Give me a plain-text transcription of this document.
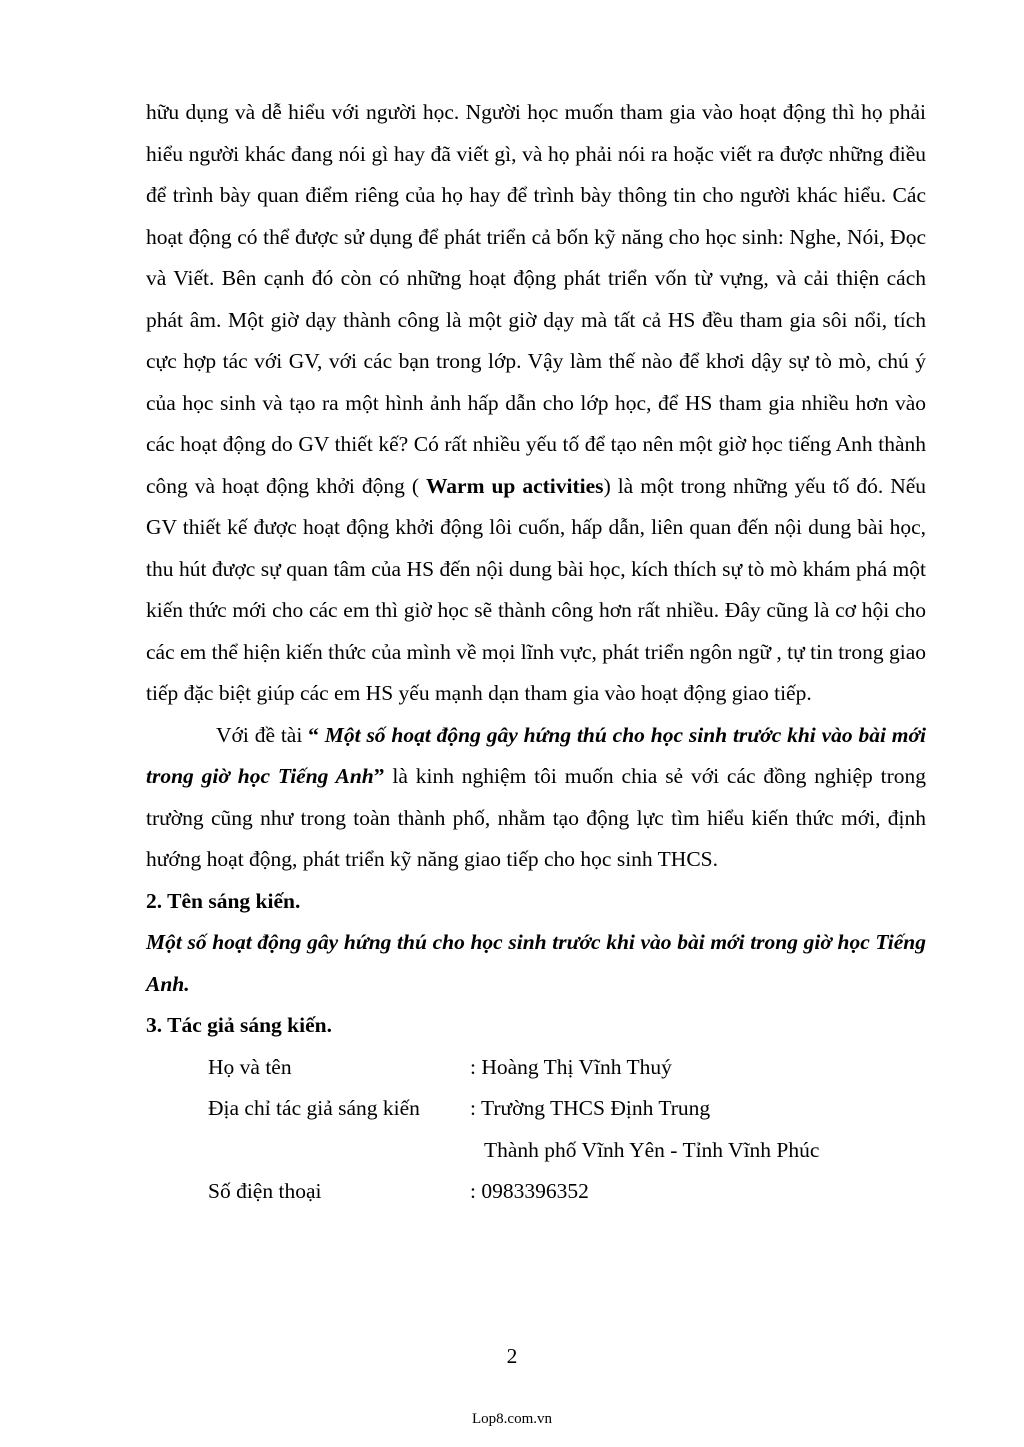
hữu dụng và dễ hiểu với người học. Người học muốn tham gia vào hoạt động thì họ phải hiểu người khác đang nói gì hay đã viết gì, và họ phải nói ra hoặc viết ra được những điều để trình bày quan điểm riêng của họ hay để trình bày thông tin cho người khác hiểu. Các hoạt động có thể được sử dụng để phát triển cả bốn kỹ năng cho học sinh: Nghe, Nói, Đọc và Viết. Bên cạnh đó còn có những hoạt động phát triển vốn từ vựng, và cải thiện cách phát âm. Một giờ dạy thành công là một giờ dạy mà tất cả HS đều tham gia sôi nổi, tích cực hợp tác với GV, với các bạn trong lớp. Vậy làm thế nào để khơi dậy sự tò mò, chú ý của học sinh và tạo ra một hình ảnh hấp dẫn cho lớp học, để HS tham gia nhiều hơn vào các hoạt động do GV thiết kế? Có rất nhiều yếu tố để tạo nên một giờ học tiếng Anh thành công và hoạt động khởi động ( Warm up activities) là một trong những yếu tố đó. Nếu GV thiết kế được hoạt động khởi động lôi cuốn, hấp dẫn, liên quan đến nội dung bài học, thu hút được sự quan tâm của HS đến nội dung bài học, kích thích sự tò mò khám phá một kiến thức mới cho các em thì giờ học sẽ thành công hơn rất nhiều. Đây cũng là cơ hội cho các em thể hiện kiến thức của mình về mọi lĩnh vực, phát triển ngôn ngữ , tự tin trong giao tiếp đặc biệt giúp các em HS yếu mạnh dạn tham gia vào hoạt động giao tiếp.

Với đề tài “ Một số hoạt động gây hứng thú cho học sinh trước khi vào bài mới trong giờ học Tiếng Anh” là kinh nghiệm tôi muốn chia sẻ với các đồng nghiệp trong trường cũng như trong toàn thành phố, nhằm tạo động lực tìm hiểu kiến thức mới, định hướng hoạt động, phát triển kỹ năng giao tiếp cho học sinh THCS.

2. Tên sáng kiến.

Một số hoạt động gây hứng thú cho học sinh trước khi vào bài mới trong giờ học Tiếng Anh.

3. Tác giả sáng kiến.

Họ và tên	: Hoàng Thị Vĩnh Thuý
Địa chỉ tác giả sáng kiến	: Trường THCS Định Trung
Thành phố Vĩnh Yên - Tỉnh Vĩnh Phúc
Số điện thoại	: 0983396352
2
Lop8.com.vn
